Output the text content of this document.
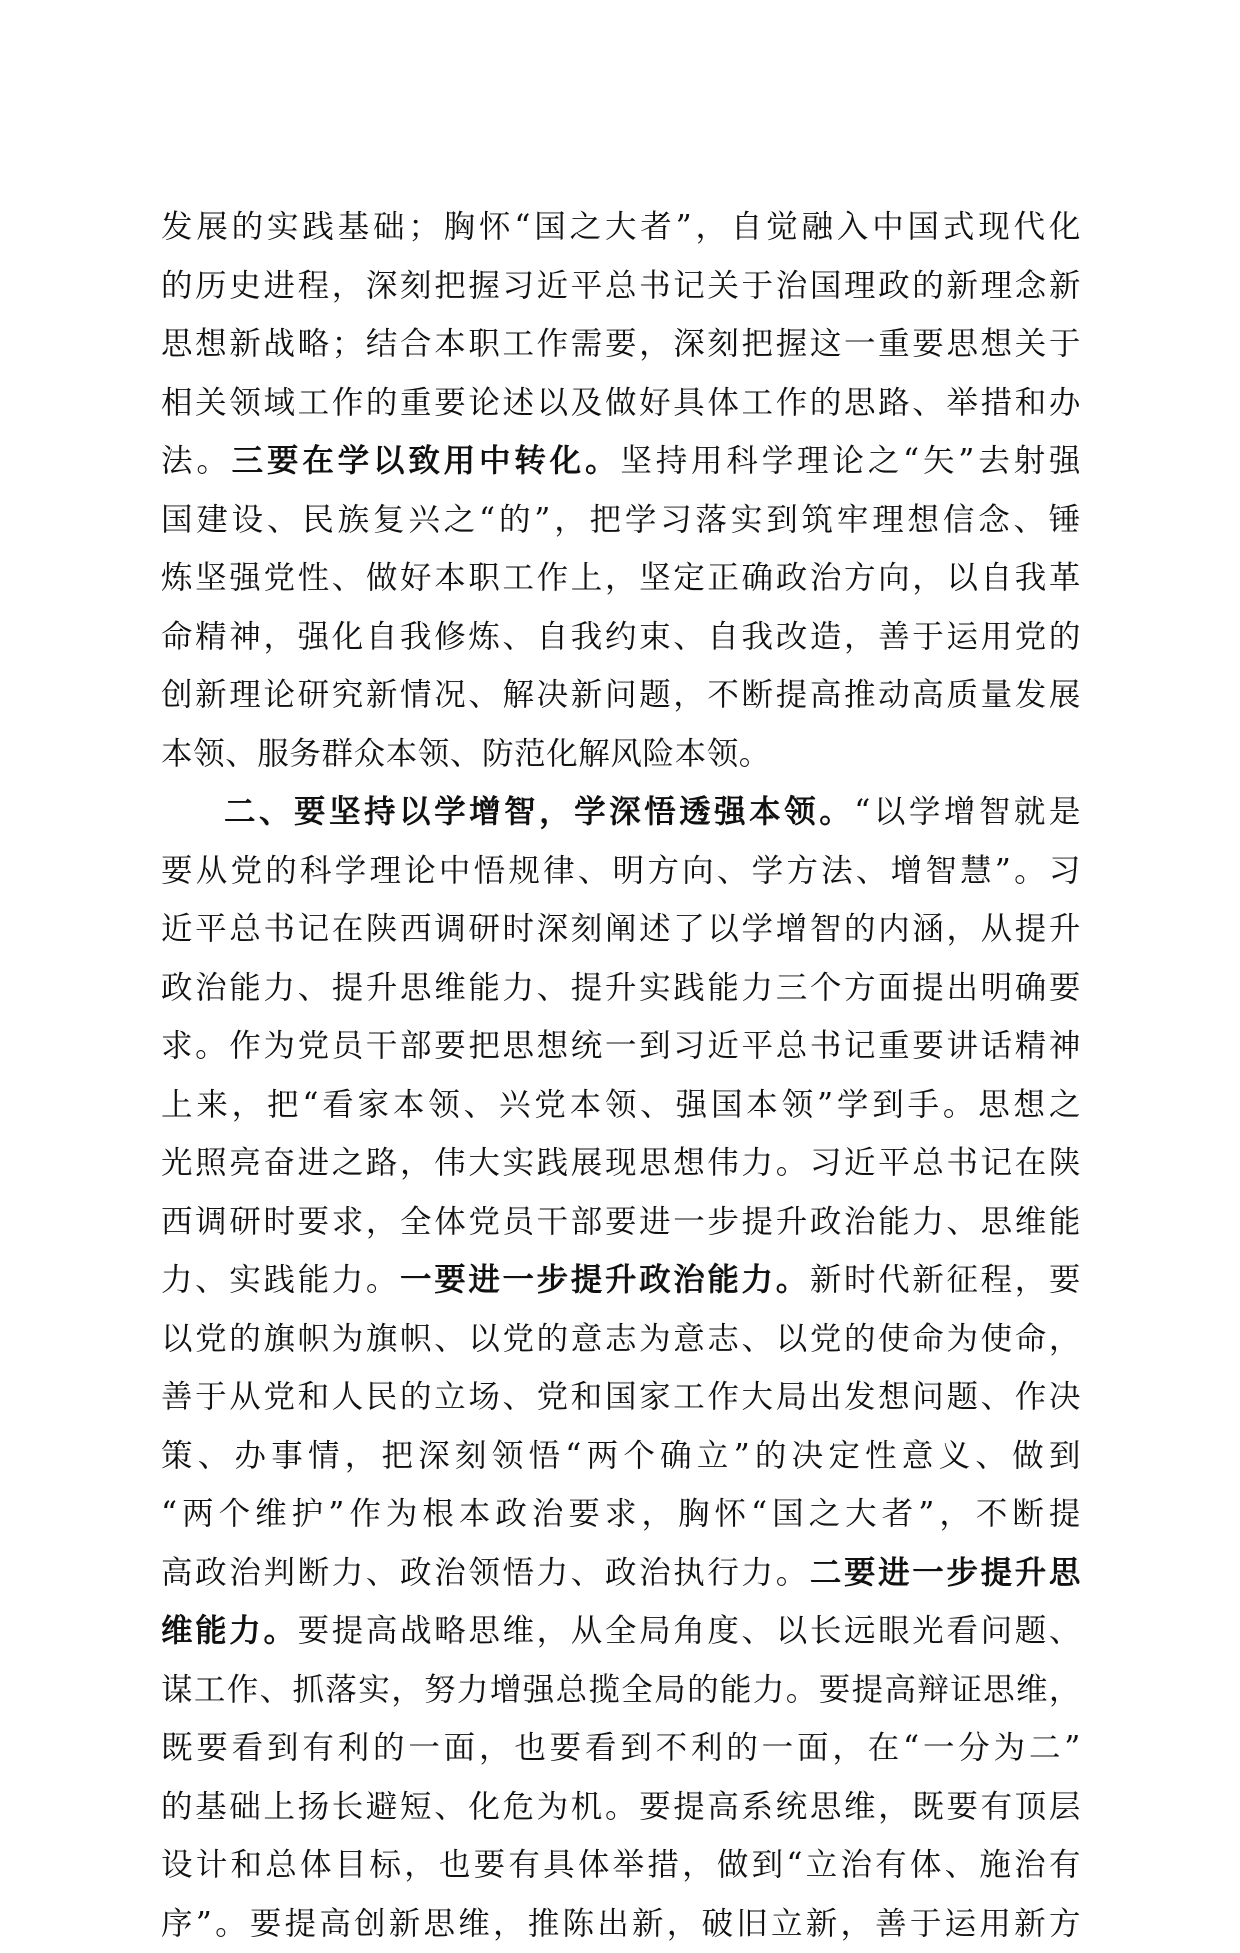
发展的实践基础；胸怀“国之大者”，自觉融入中国式现代化
的历史进程，深刻把握习近平总书记关于治国理政的新理念新
思想新战略；结合本职工作需要，深刻把握这一重要思想关于
相关领域工作的重要论述以及做好具体工作的思路、举措和办
法。三要在学以致用中转化。坚持用科学理论之“矢”去射强
国建设、民族复兴之“的”，把学习落实到筑牢理想信念、锤
炼坚强党性、做好本职工作上，坚定正确政治方向，以自我革
命精神，强化自我修炼、自我约束、自我改造，善于运用党的
创新理论研究新情况、解决新问题，不断提高推动高质量发展
本领、服务群众本领、防范化解风险本领。
二、要坚持以学增智，学深悟透强本领。“以学增智就是
要从党的科学理论中悟规律、明方向、学方法、增智慧”。习
近平总书记在陕西调研时深刻阐述了以学增智的内涵，从提升
政治能力、提升思维能力、提升实践能力三个方面提出明确要
求。作为党员干部要把思想统一到习近平总书记重要讲话精神
上来，把“看家本领、兴党本领、强国本领”学到手。思想之
光照亮奋进之路，伟大实践展现思想伟力。习近平总书记在陕
西调研时要求，全体党员干部要进一步提升政治能力、思维能
力、实践能力。一要进一步提升政治能力。新时代新征程，要
以党的旗帜为旗帜、以党的意志为意志、以党的使命为使命，
善于从党和人民的立场、党和国家工作大局出发想问题、作决
策、办事情，把深刻领悟“两个确立”的决定性意义、做到
“两个维护”作为根本政治要求，胸怀“国之大者”，不断提
高政治判断力、政治领悟力、政治执行力。二要进一步提升思
维能力。要提高战略思维，从全局角度、以长远眼光看问题、
谋工作、抓落实，努力增强总揽全局的能力。要提高辩证思维，
既要看到有利的一面，也要看到不利的一面，在“一分为二”
的基础上扬长避短、化危为机。要提高系统思维，既要有顶层
设计和总体目标，也要有具体举措，做到“立治有体、施治有
序”。要提高创新思维，推陈出新，破旧立新，善于运用新方
